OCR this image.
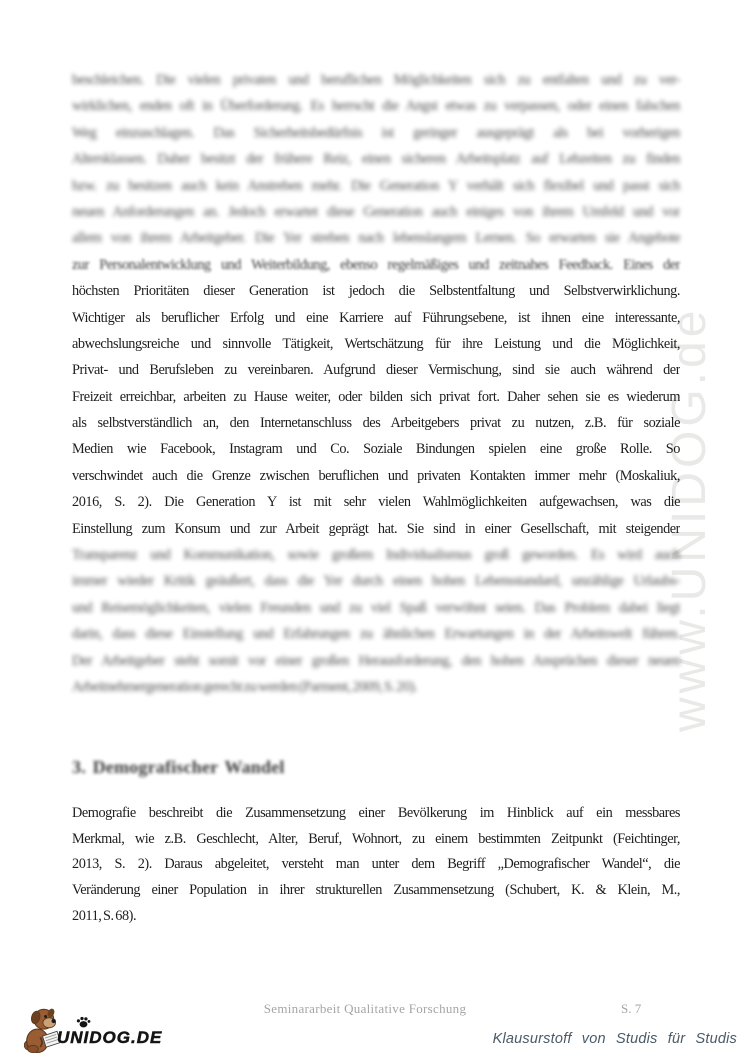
www.UNIDOG.de
beschleichen. Die vielen privaten und beruflichen Möglichkeiten sich zu entfalten und zu ver-
wirklichen, enden oft in Überforderung. Es herrscht die Angst etwas zu verpassen, oder einen falschen
Weg einzuschlagen. Das Sicherheitsbedürfnis ist geringer ausgeprägt als bei vorherigen
Altersklassen. Daher besitzt der frühere Reiz, einen sicheren Arbeitsplatz auf Lebzeiten zu finden
bzw. zu besitzen auch kein Anstreben mehr. Die Generation Y verhält sich flexibel und passt sich
neuen Anforderungen an. Jedoch erwartet diese Generation auch einiges von ihrem Umfeld und vor
allem von ihrem Arbeitgeber. Die Yer streben nach lebenslangem Lernen. So erwarten sie Angebote
zur Personalentwicklung und Weiterbildung, ebenso regelmäßiges und zeitnahes Feedback. Eines der
höchsten Prioritäten dieser Generation ist jedoch die Selbstentfaltung und Selbstverwirklichung.
Wichtiger als beruflicher Erfolg und eine Karriere auf Führungsebene, ist ihnen eine interessante,
abwechslungsreiche und sinnvolle Tätigkeit, Wertschätzung für ihre Leistung und die Möglichkeit,
Privat- und Berufsleben zu vereinbaren. Aufgrund dieser Vermischung, sind sie auch während der
Freizeit erreichbar, arbeiten zu Hause weiter, oder bilden sich privat fort. Daher sehen sie es wiederum
als selbstverständlich an, den Internetanschluss des Arbeitgebers privat zu nutzen, z.B. für soziale
Medien wie Facebook, Instagram und Co. Soziale Bindungen spielen eine große Rolle. So
verschwindet auch die Grenze zwischen beruflichen und privaten Kontakten immer mehr (Moskaliuk,
2016, S. 2). Die Generation Y ist mit sehr vielen Wahlmöglichkeiten aufgewachsen, was die
Einstellung zum Konsum und zur Arbeit geprägt hat. Sie sind in einer Gesellschaft, mit steigender
Transparenz und Kommunikation, sowie großem Individualismus groß geworden. Es wird auch
immer wieder Kritik geäußert, dass die Yer durch einen hohen Lebensstandard, unzählige Urlaubs-
und Reisemöglichkeiten, vielen Freunden und zu viel Spaß verwöhnt seien. Das Problem dabei liegt
darin, dass diese Einstellung und Erfahrungen zu ähnlichen Erwartungen in der Arbeitswelt führen.
Der Arbeitgeber steht somit vor einer großen Herausforderung, den hohen Ansprüchen dieser neuen
Arbeitnehmergeneration gerecht zu werden (Parment, 2009, S. 20).
3. Demografischer Wandel
Demografie beschreibt die Zusammensetzung einer Bevölkerung im Hinblick auf ein messbares
Merkmal, wie z.B. Geschlecht, Alter, Beruf, Wohnort, zu einem bestimmten Zeitpunkt (Feichtinger,
2013, S. 2). Daraus abgeleitet, versteht man unter dem Begriff „Demografischer Wandel“, die
Veränderung einer Population in ihrer strukturellen Zusammensetzung (Schubert, K. & Klein, M.,
2011, S. 68).
Seminararbeit Qualitative Forschung	S. 7
UNIDOG.DE	Klausurstoff von Studis für Studis
